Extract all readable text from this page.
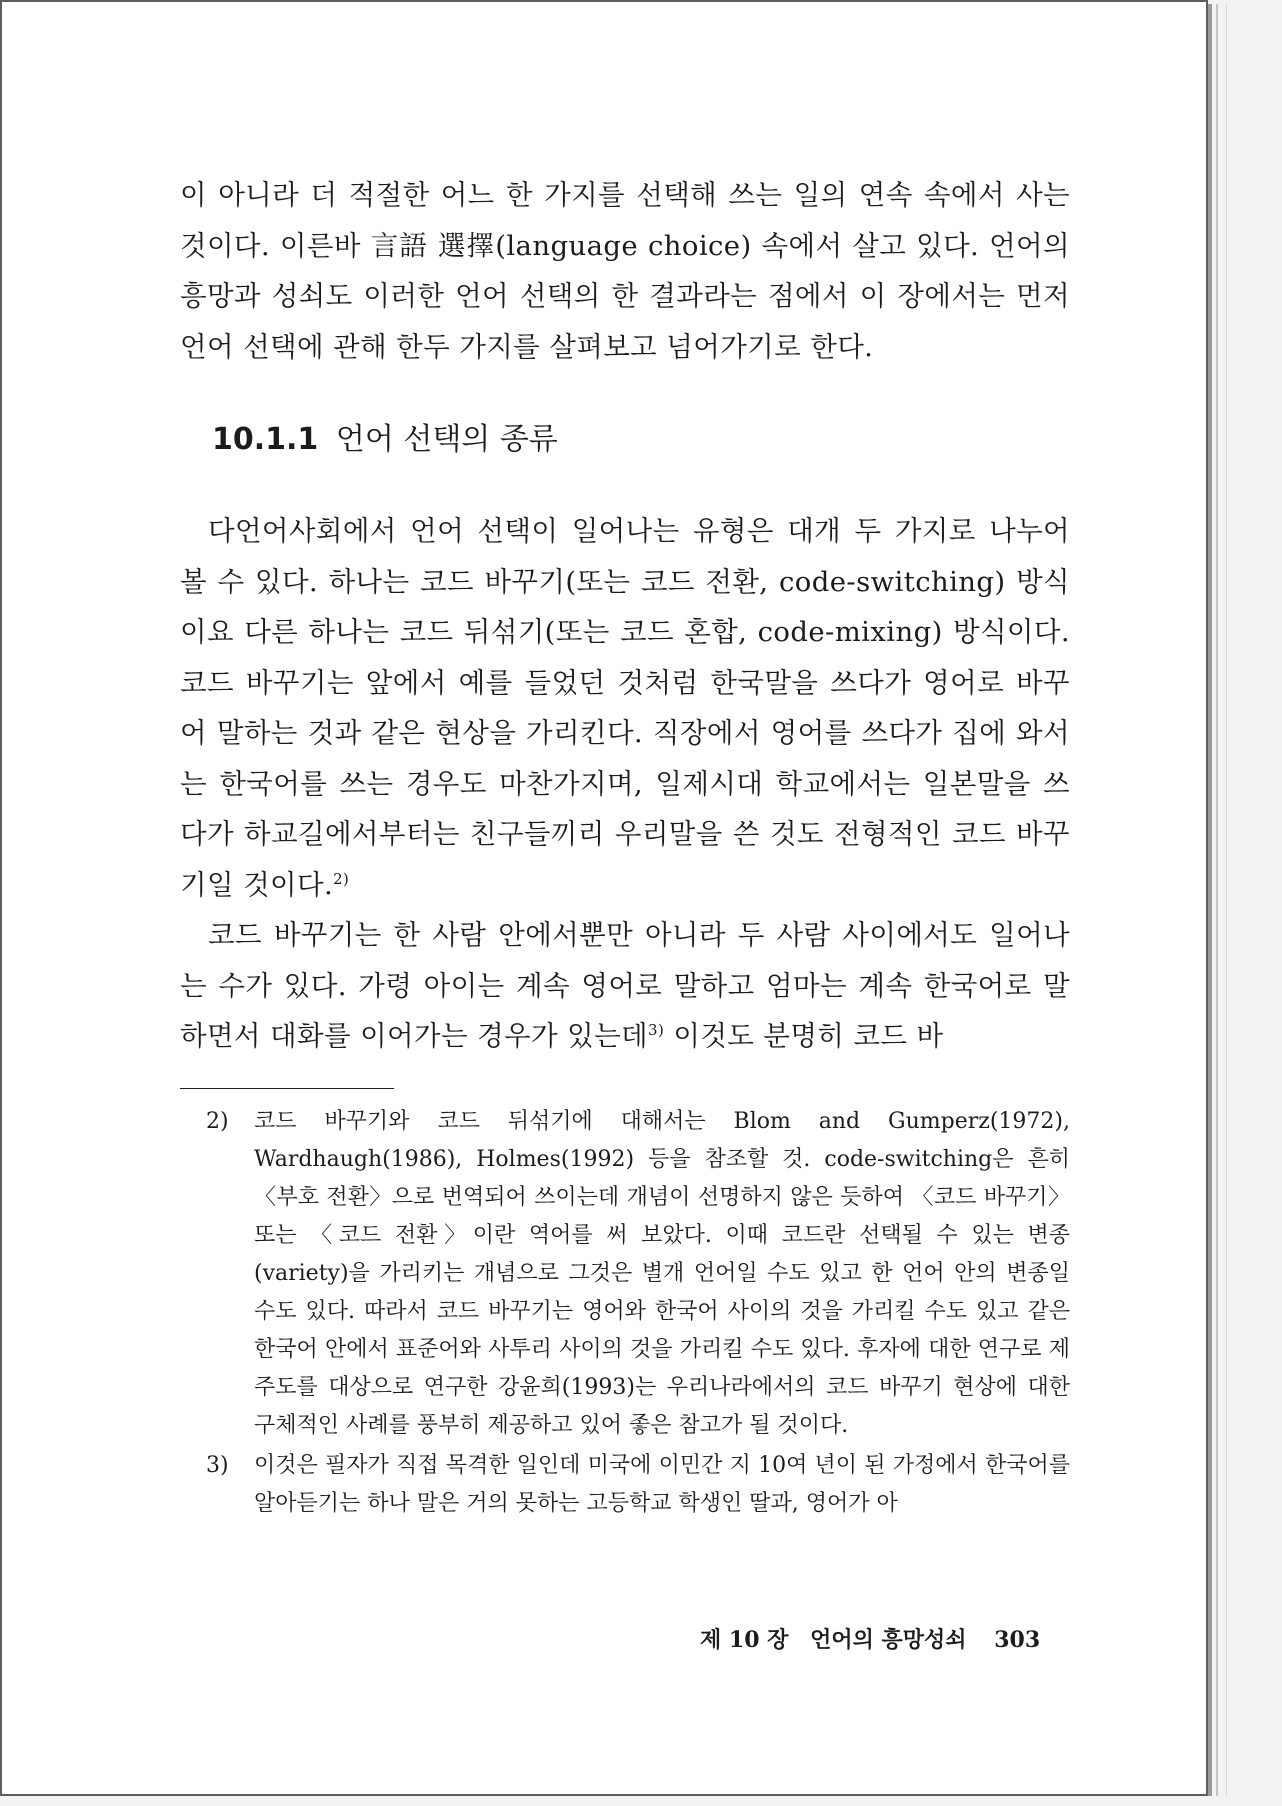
이 아니라 더 적절한 어느 한 가지를 선택해 쓰는 일의 연속 속에서 사는 것이다. 이른바 言語 選擇(language choice) 속에서 살고 있다. 언어의 흥망과 성쇠도 이러한 언어 선택의 한 결과라는 점에서 이 장에서는 먼저 언어 선택에 관해 한두 가지를 살펴보고 넘어가기로 한다.

10.1.1 언어 선택의 종류

다언어사회에서 언어 선택이 일어나는 유형은 대개 두 가지로 나누어 볼 수 있다. 하나는 코드 바꾸기(또는 코드 전환, code-switching) 방식이요 다른 하나는 코드 뒤섞기(또는 코드 혼합, code-mixing) 방식이다. 코드 바꾸기는 앞에서 예를 들었던 것처럼 한국말을 쓰다가 영어로 바꾸어 말하는 것과 같은 현상을 가리킨다. 직장에서 영어를 쓰다가 집에 와서는 한국어를 쓰는 경우도 마찬가지며, 일제시대 학교에서는 일본말을 쓰다가 하교길에서부터는 친구들끼리 우리말을 쓴 것도 전형적인 코드 바꾸기일 것이다.$^{2)}$

코드 바꾸기는 한 사람 안에서뿐만 아니라 두 사람 사이에서도 일어나는 수가 있다. 가령 아이는 계속 영어로 말하고 엄마는 계속 한국어로 말하면서 대화를 이어가는 경우가 있는데$^{3)}$ 이것도 분명히 코드 바

2)	코드 바꾸기와 코드 뒤섞기에 대해서는 Blom and Gumperz(1972), Wardhaugh(1986), Holmes(1992) 등을 참조할 것. code-switching은 흔히 〈부호 전환〉으로 번역되어 쓰이는데 개념이 선명하지 않은 듯하여 〈코드 바꾸기〉 또는 〈코드 전환〉이란 역어를 써 보았다. 이때 코드란 선택될 수 있는 변종(variety)을 가리키는 개념으로 그것은 별개 언어일 수도 있고 한 언어 안의 변종일 수도 있다. 따라서 코드 바꾸기는 영어와 한국어 사이의 것을 가리킬 수도 있고 같은 한국어 안에서 표준어와 사투리 사이의 것을 가리킬 수도 있다. 후자에 대한 연구로 제주도를 대상으로 연구한 강윤희(1993)는 우리나라에서의 코드 바꾸기 현상에 대한 구체적인 사례를 풍부히 제공하고 있어 좋은 참고가 될 것이다.
3)	이것은 필자가 직접 목격한 일인데 미국에 이민간 지 10여 년이 된 가정에서 한국어를 알아듣기는 하나 말은 거의 못하는 고등학교 학생인 딸과, 영어가 아
제 10 장 언어의 흥망성쇠 303
